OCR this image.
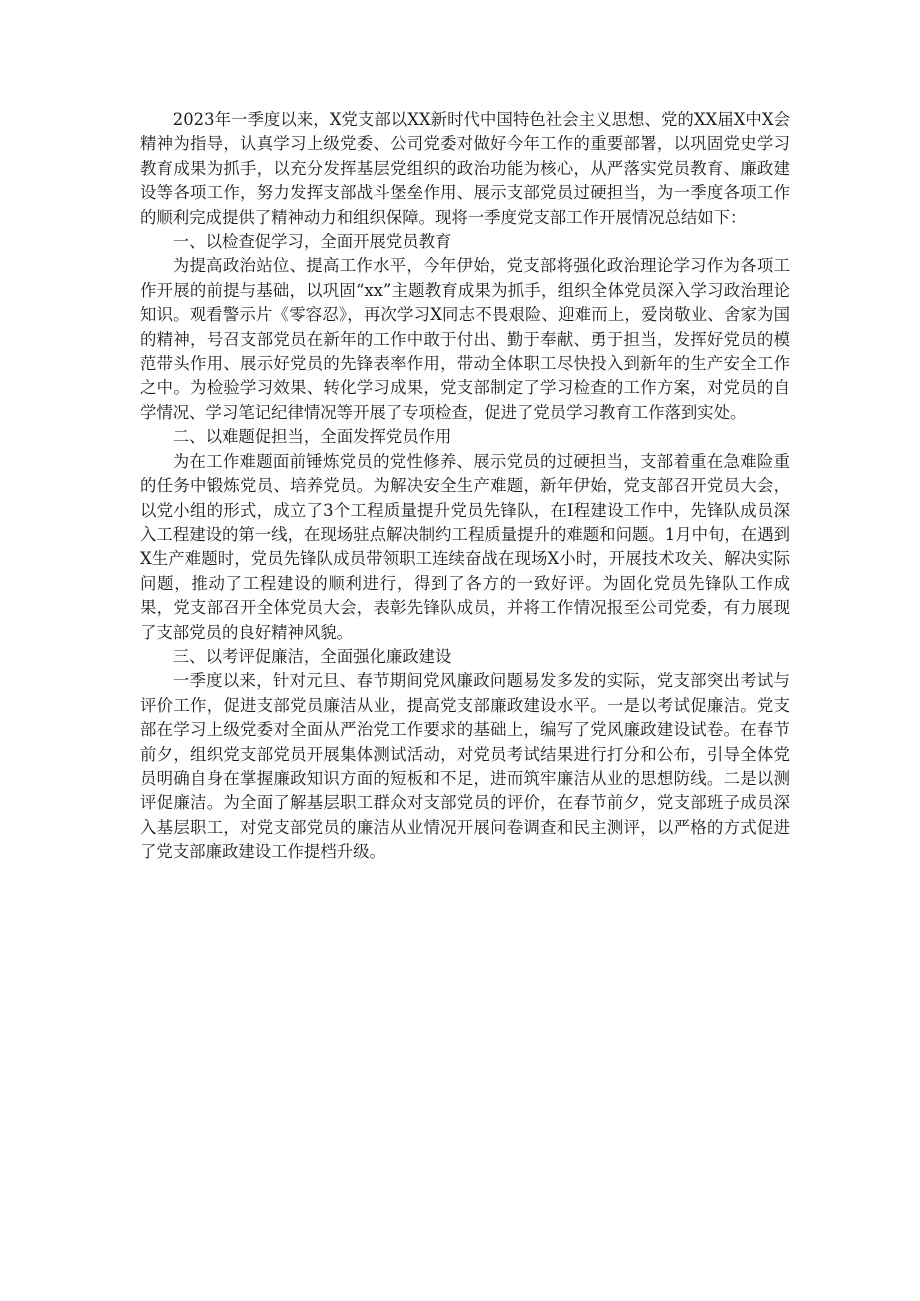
2023年一季度以来，X党支部以XX新时代中国特色社会主义思想、党的XX届X中X会精神为指导，认真学习上级党委、公司党委对做好今年工作的重要部署，以巩固党史学习教育成果为抓手，以充分发挥基层党组织的政治功能为核心，从严落实党员教育、廉政建设等各项工作，努力发挥支部战斗堡垒作用、展示支部党员过硬担当，为一季度各项工作的顺利完成提供了精神动力和组织保障。现将一季度党支部工作开展情况总结如下：

一、以检查促学习，全面开展党员教育

为提高政治站位、提高工作水平，今年伊始，党支部将强化政治理论学习作为各项工作开展的前提与基础，以巩固“xx”主题教育成果为抓手，组织全体党员深入学习政治理论知识。观看警示片《零容忍》，再次学习X同志不畏艰险、迎难而上，爱岗敬业、舍家为国的精神，号召支部党员在新年的工作中敢于付出、勤于奉献、勇于担当，发挥好党员的模范带头作用、展示好党员的先锋表率作用，带动全体职工尽快投入到新年的生产安全工作之中。为检验学习效果、转化学习成果，党支部制定了学习检查的工作方案，对党员的自学情况、学习笔记纪律情况等开展了专项检查，促进了党员学习教育工作落到实处。

二、以难题促担当，全面发挥党员作用

为在工作难题面前锤炼党员的党性修养、展示党员的过硬担当，支部着重在急难险重的任务中锻炼党员、培养党员。为解决安全生产难题，新年伊始，党支部召开党员大会，以党小组的形式，成立了3个工程质量提升党员先锋队，在I程建设工作中，先锋队成员深入工程建设的第一线，在现场驻点解决制约工程质量提升的难题和问题。1月中旬，在遇到X生产难题时，党员先锋队成员带领职工连续奋战在现场X小时，开展技术攻关、解决实际问题，推动了工程建设的顺利进行，得到了各方的一致好评。为固化党员先锋队工作成果，党支部召开全体党员大会，表彰先锋队成员，并将工作情况报至公司党委，有力展现了支部党员的良好精神风貌。

三、以考评促廉洁，全面强化廉政建设

一季度以来，针对元旦、春节期间党风廉政问题易发多发的实际，党支部突出考试与评价工作，促进支部党员廉洁从业，提高党支部廉政建设水平。一是以考试促廉洁。党支部在学习上级党委对全面从严治党工作要求的基础上，编写了党风廉政建设试卷。在春节前夕，组织党支部党员开展集体测试活动，对党员考试结果进行打分和公布，引导全体党员明确自身在掌握廉政知识方面的短板和不足，进而筑牢廉洁从业的思想防线。二是以测评促廉洁。为全面了解基层职工群众对支部党员的评价，在春节前夕，党支部班子成员深入基层职工，对党支部党员的廉洁从业情况开展问卷调查和民主测评，以严格的方式促进了党支部廉政建设工作提档升级。
